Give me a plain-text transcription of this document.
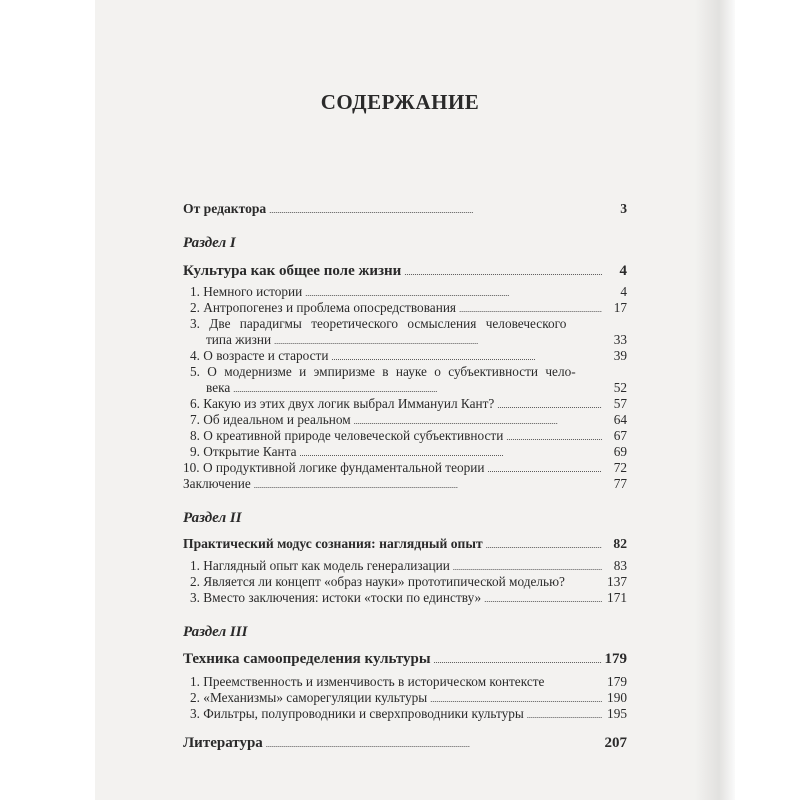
СОДЕРЖАНИЕ
От редактора . . .	3
Раздел I
Культура как общее поле жизни . . .	4
1. Немного истории . . .	4
2. Антропогенез и проблема опосредствования . . .	17
3. Две парадигмы теоретического осмысления человеческого
типа жизни . . .	33
4. О возрасте и старости . . .	39
5. О модернизме и эмпиризме в науке о субъективности чело-
века . . .	52
6. Какую из этих двух логик выбрал Иммануил Кант? . . .	57
7. Об идеальном и реальном . . .	64
8. О креативной природе человеческой субъективности . . .	67
9. Открытие Канта . . .	69
10. О продуктивной логике фундаментальной теории . . .	72
Заключение . . .	77
Раздел II
Практический модус сознания: наглядный опыт . . .	82
1. Наглядный опыт как модель генерализации . . .	83
2. Является ли концепт «образ науки» прототипической моделью?	137
3. Вместо заключения: истоки «тоски по единству» . . .	171
Раздел III
Техника самоопределения культуры . . .	179
1. Преемственность и изменчивость в историческом контексте	179
2. «Механизмы» саморегуляции культуры . . .	190
3. Фильтры, полупроводники и сверхпроводники культуры . . .	195
Литература . . .	207
